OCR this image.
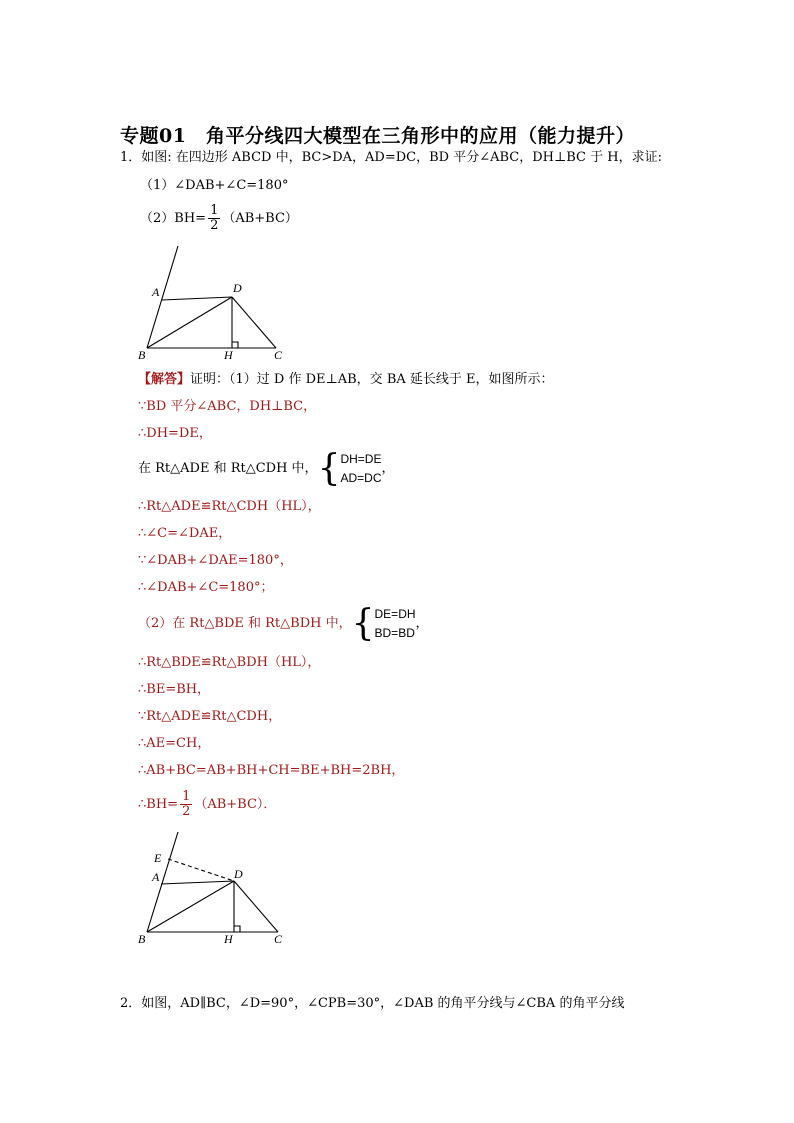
专题01　角平分线四大模型在三角形中的应用（能力提升）
1．如图: 在四边形 ABCD 中，BC>DA，AD=DC，BD 平分∠ABC，DH⊥BC 于 H，求证:
（1）∠DAB+∠C=180°
$(2)BH= \frac{1}{2} (AB+BC)$
A	D
B	H	C
【解答】证明：（1）过 D 作 DE⊥AB，交 BA 延长线于 E，如图所示：
∵BD 平分∠ABC，DH⊥BC，
∴DH=DE，
在 Rt△ADE 和 Rt△CDH 中，{ DH=DE
AD=DC
，
∴Rt△ADE≌Rt△CDH（HL），
∴∠C=∠DAE，
∵∠DAB+∠DAE=180°，
∴∠DAB+∠C=180°；
（2）在 Rt△BDE 和 Rt△BDH 中，{ DE=DH
BD=BD
，
∴Rt△BDE≌Rt△BDH（HL），
∴BE=BH，
∵Rt△ADE≌Rt△CDH，
∴AE=CH，
∴AB+BC=AB+BH+CH=BE+BH=2BH，
∴BH= $\frac{1}{2} (AB+BC)$．
E
A	D
B	H	C
2．如图，AD∥BC，∠D=90°，∠CPB=30°，∠DAB 的角平分线与∠CBA 的角平分线
